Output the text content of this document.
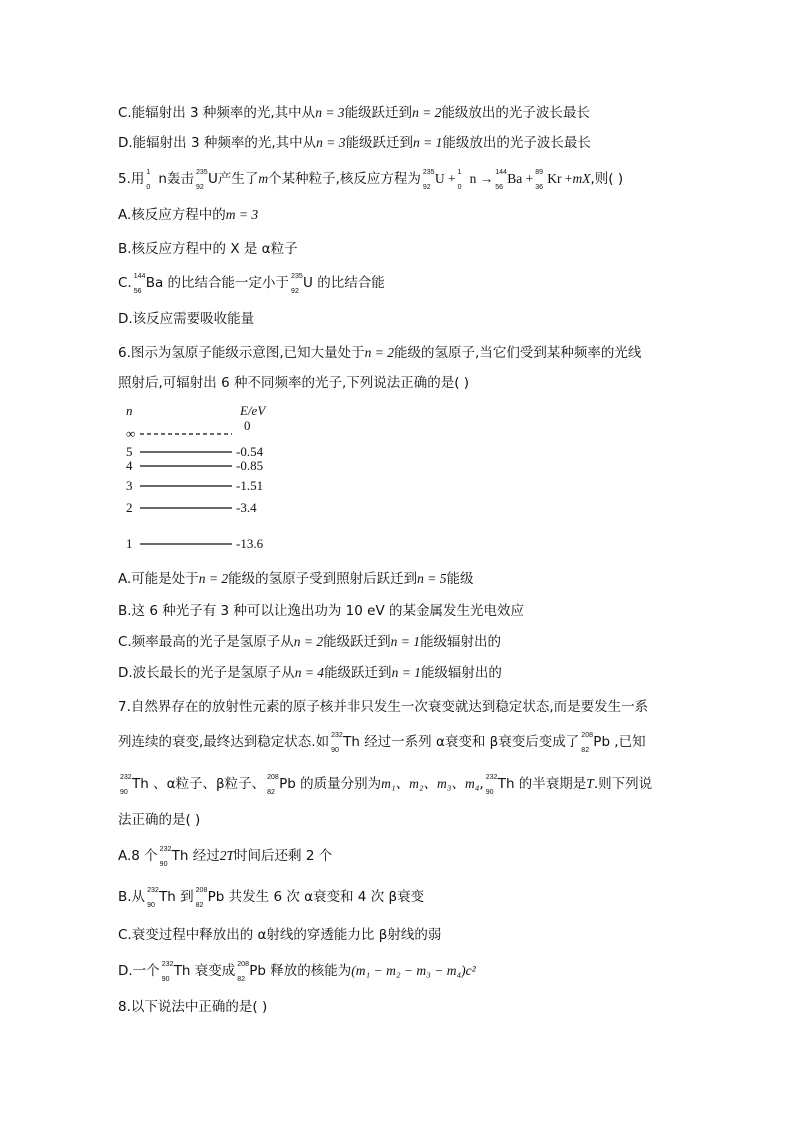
C.能辐射出 3 种频率的光,其中从n = 3能级跃迁到n = 2能级放出的光子波长最长
D.能辐射出 3 种频率的光,其中从n = 3能级跃迁到n = 1能级放出的光子波长最长
5.用 1
0
n轰击 235
92
U产生了m个某种粒子,核反应方程为 235
92
U + 1
0
n → 144
56
Ba + 89
36
Kr +mX,则( )
A.核反应方程中的m = 3
B.核反应方程中的 X 是 α粒子
C. 144
56
Ba 的比结合能一定小于 235
92
U 的比结合能
D.该反应需要吸收能量
6.图示为氢原子能级示意图,已知大量处于n = 2能级的氢原子,当它们受到某种频率的光线
照射后,可辐射出 6 种不同频率的光子,下列说法正确的是( )
n	E/eV
∞
0
5	-0.54
4	-0.85
3	-1.51
2	-3.4
1	-13.6
A.可能是处于n = 2能级的氢原子受到照射后跃迁到n = 5能级
B.这 6 种光子有 3 种可以让逸出功为 10 eV 的某金属发生光电效应
C.频率最高的光子是氢原子从n = 2能级跃迁到n = 1能级辐射出的
D.波长最长的光子是氢原子从n = 4能级跃迁到n = 1能级辐射出的
7.自然界存在的放射性元素的原子核并非只发生一次衰变就达到稳定状态,而是要发生一系
列连续的衰变,最终达到稳定状态.如 232
90
Th 经过一系列 α衰变和 β衰变后变成了 208
82
Pb ,已知
232
90
Th 、α粒子、β粒子、 208
82
Pb 的质量分别为m₁、m₂、m₃、m₄, 232
90
Th 的半衰期是T.则下列说
法正确的是( )
A.8 个 232
90
Th 经过2T时间后还剩 2 个
B.从 232
90
Th 到 208
82
Pb 共发生 6 次 α衰变和 4 次 β衰变
C.衰变过程中释放出的 α射线的穿透能力比 β射线的弱
D.一个 232
90
Th 衰变成 208
82
Pb 释放的核能为(m₁ − m₂ − m₃ − m₄)c²
8.以下说法中正确的是( )
